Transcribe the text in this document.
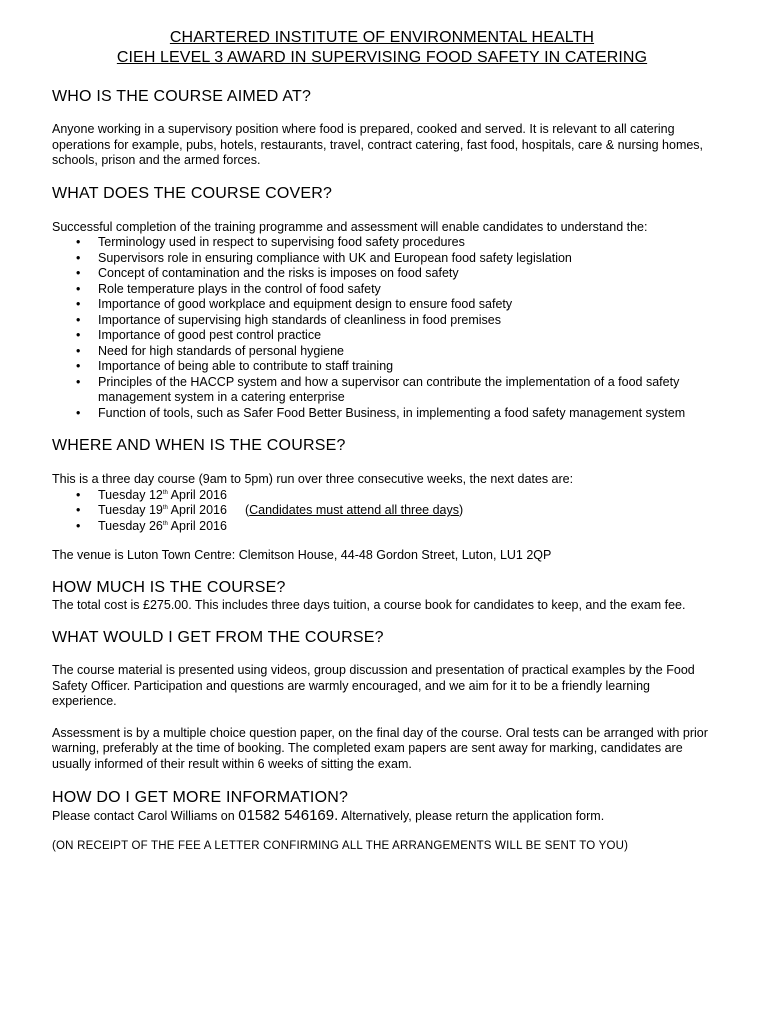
CHARTERED INSTITUTE OF ENVIRONMENTAL HEALTH

CIEH LEVEL 3 AWARD IN SUPERVISING FOOD SAFETY IN CATERING

WHO IS THE COURSE AIMED AT?

Anyone working in a supervisory position where food is prepared, cooked and served. It is relevant to all catering operations for example, pubs, hotels, restaurants, travel, contract catering, fast food, hospitals, care & nursing homes, schools, prison and the armed forces.

WHAT DOES THE COURSE COVER?

Successful completion of the training programme and assessment will enable candidates to understand the:

• Terminology used in respect to supervising food safety procedures
• Supervisors role in ensuring compliance with UK and European food safety legislation
• Concept of contamination and the risks is imposes on food safety
• Role temperature plays in the control of food safety
• Importance of good workplace and equipment design to ensure food safety
• Importance of supervising high standards of cleanliness in food premises
• Importance of good pest control practice
• Need for high standards of personal hygiene
• Importance of being able to contribute to staff training
• Principles of the HACCP system and how a supervisor can contribute the implementation of a food safety management system in a catering enterprise
• Function of tools, such as Safer Food Better Business, in implementing a food safety management system
WHERE AND WHEN IS THE COURSE?

This is a three day course (9am to 5pm) run over three consecutive weeks, the next dates are:

• Tuesday 12th April 2016
• Tuesday 19th April 2016 (Candidates must attend all three days)
• Tuesday 26th April 2016

The venue is Luton Town Centre: Clemitson House, 44-48 Gordon Street, Luton, LU1 2QP

HOW MUCH IS THE COURSE?

The total cost is £275.00. This includes three days tuition, a course book for candidates to keep, and the exam fee.

WHAT WOULD I GET FROM THE COURSE?

The course material is presented using videos, group discussion and presentation of practical examples by the Food Safety Officer. Participation and questions are warmly encouraged, and we aim for it to be a friendly learning experience.

Assessment is by a multiple choice question paper, on the final day of the course. Oral tests can be arranged with prior warning, preferably at the time of booking. The completed exam papers are sent away for marking, candidates are usually informed of their result within 6 weeks of sitting the exam.

HOW DO I GET MORE INFORMATION?

Please contact Carol Williams on 01582 546169. Alternatively, please return the application form.

(ON RECEIPT OF THE FEE A LETTER CONFIRMING ALL THE ARRANGEMENTS WILL BE SENT TO YOU)
